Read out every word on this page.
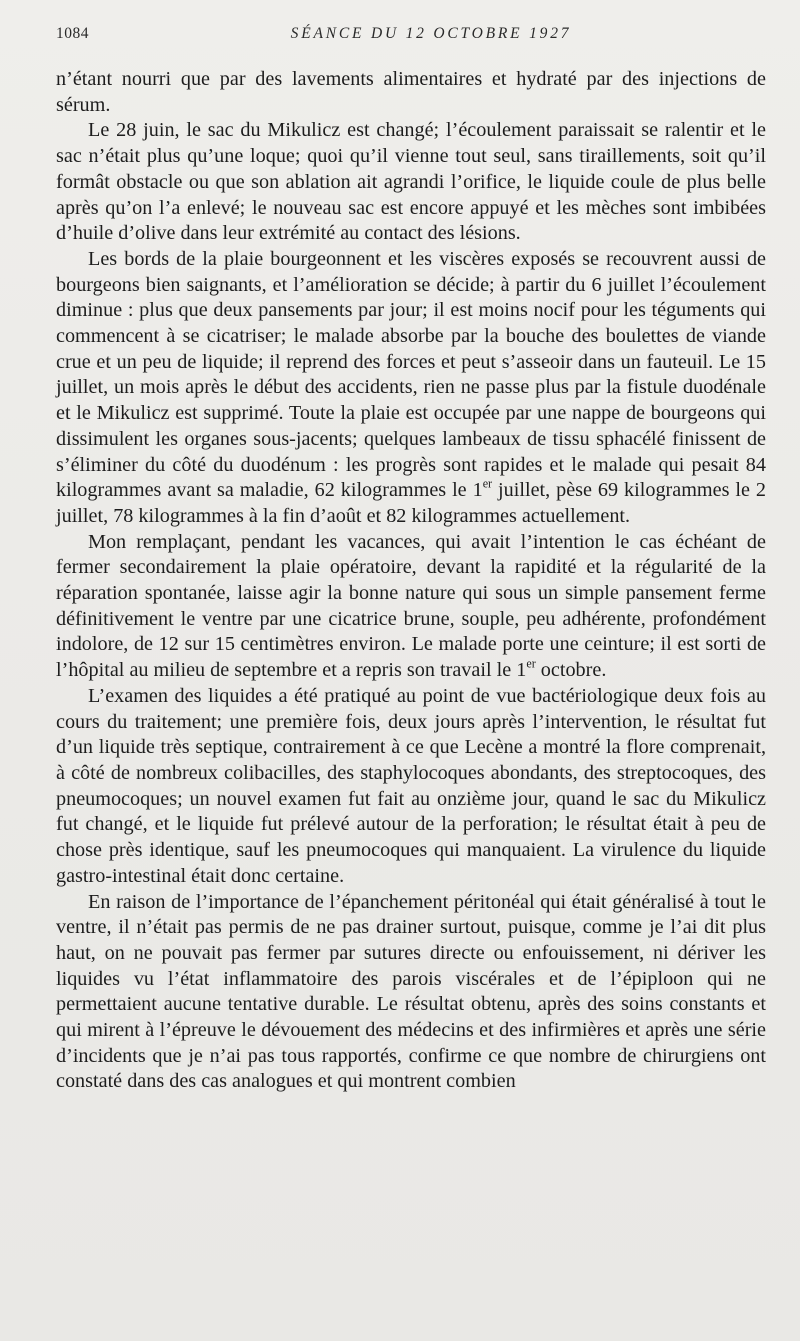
1084	SÉANCE DU 12 OCTOBRE 1927

n’étant nourri que par des lavements alimentaires et hydraté par des injections de sérum.

Le 28 juin, le sac du Mikulicz est changé; l’écoulement paraissait se ralentir et le sac n’était plus qu’une loque; quoi qu’il vienne tout seul, sans tiraillements, soit qu’il formât obstacle ou que son ablation ait agrandi l’orifice, le liquide coule de plus belle après qu’on l’a enlevé; le nouveau sac est encore appuyé et les mèches sont imbibées d’huile d’olive dans leur extrémité au contact des lésions.

Les bords de la plaie bourgeonnent et les viscères exposés se recouvrent aussi de bourgeons bien saignants, et l’amélioration se décide; à partir du 6 juillet l’écoulement diminue : plus que deux pansements par jour; il est moins nocif pour les téguments qui commencent à se cicatriser; le malade absorbe par la bouche des boulettes de viande crue et un peu de liquide; il reprend des forces et peut s’asseoir dans un fauteuil. Le 15 juillet, un mois après le début des accidents, rien ne passe plus par la fistule duodénale et le Mikulicz est supprimé. Toute la plaie est occupée par une nappe de bourgeons qui dissimulent les organes sous-jacents; quelques lambeaux de tissu sphacélé finissent de s’éliminer du côté du duodénum : les progrès sont rapides et le malade qui pesait 84 kilogrammes avant sa maladie, 62 kilogrammes le 1er juillet, pèse 69 kilogrammes le 2 juillet, 78 kilogrammes à la fin d’août et 82 kilogrammes actuellement.

Mon remplaçant, pendant les vacances, qui avait l’intention le cas échéant de fermer secondairement la plaie opératoire, devant la rapidité et la régularité de la réparation spontanée, laisse agir la bonne nature qui sous un simple pansement ferme définitivement le ventre par une cicatrice brune, souple, peu adhérente, profondément indolore, de 12 sur 15 centimètres environ. Le malade porte une ceinture; il est sorti de l’hôpital au milieu de septembre et a repris son travail le 1er octobre.

L’examen des liquides a été pratiqué au point de vue bactériologique deux fois au cours du traitement; une première fois, deux jours après l’intervention, le résultat fut d’un liquide très septique, contrairement à ce que Lecène a montré la flore comprenait, à côté de nombreux colibacilles, des staphylocoques abondants, des streptocoques, des pneumocoques; un nouvel examen fut fait au onzième jour, quand le sac du Mikulicz fut changé, et le liquide fut prélevé autour de la perforation; le résultat était à peu de chose près identique, sauf les pneumocoques qui manquaient. La virulence du liquide gastro-intestinal était donc certaine.

En raison de l’importance de l’épanchement péritonéal qui était généralisé à tout le ventre, il n’était pas permis de ne pas drainer surtout, puisque, comme je l’ai dit plus haut, on ne pouvait pas fermer par sutures directe ou enfouissement, ni dériver les liquides vu l’état inflammatoire des parois viscérales et de l’épiploon qui ne permettaient aucune tentative durable. Le résultat obtenu, après des soins constants et qui mirent à l’épreuve le dévouement des médecins et des infirmières et après une série d’incidents que je n’ai pas tous rapportés, confirme ce que nombre de chirurgiens ont constaté dans des cas analogues et qui montrent combien
